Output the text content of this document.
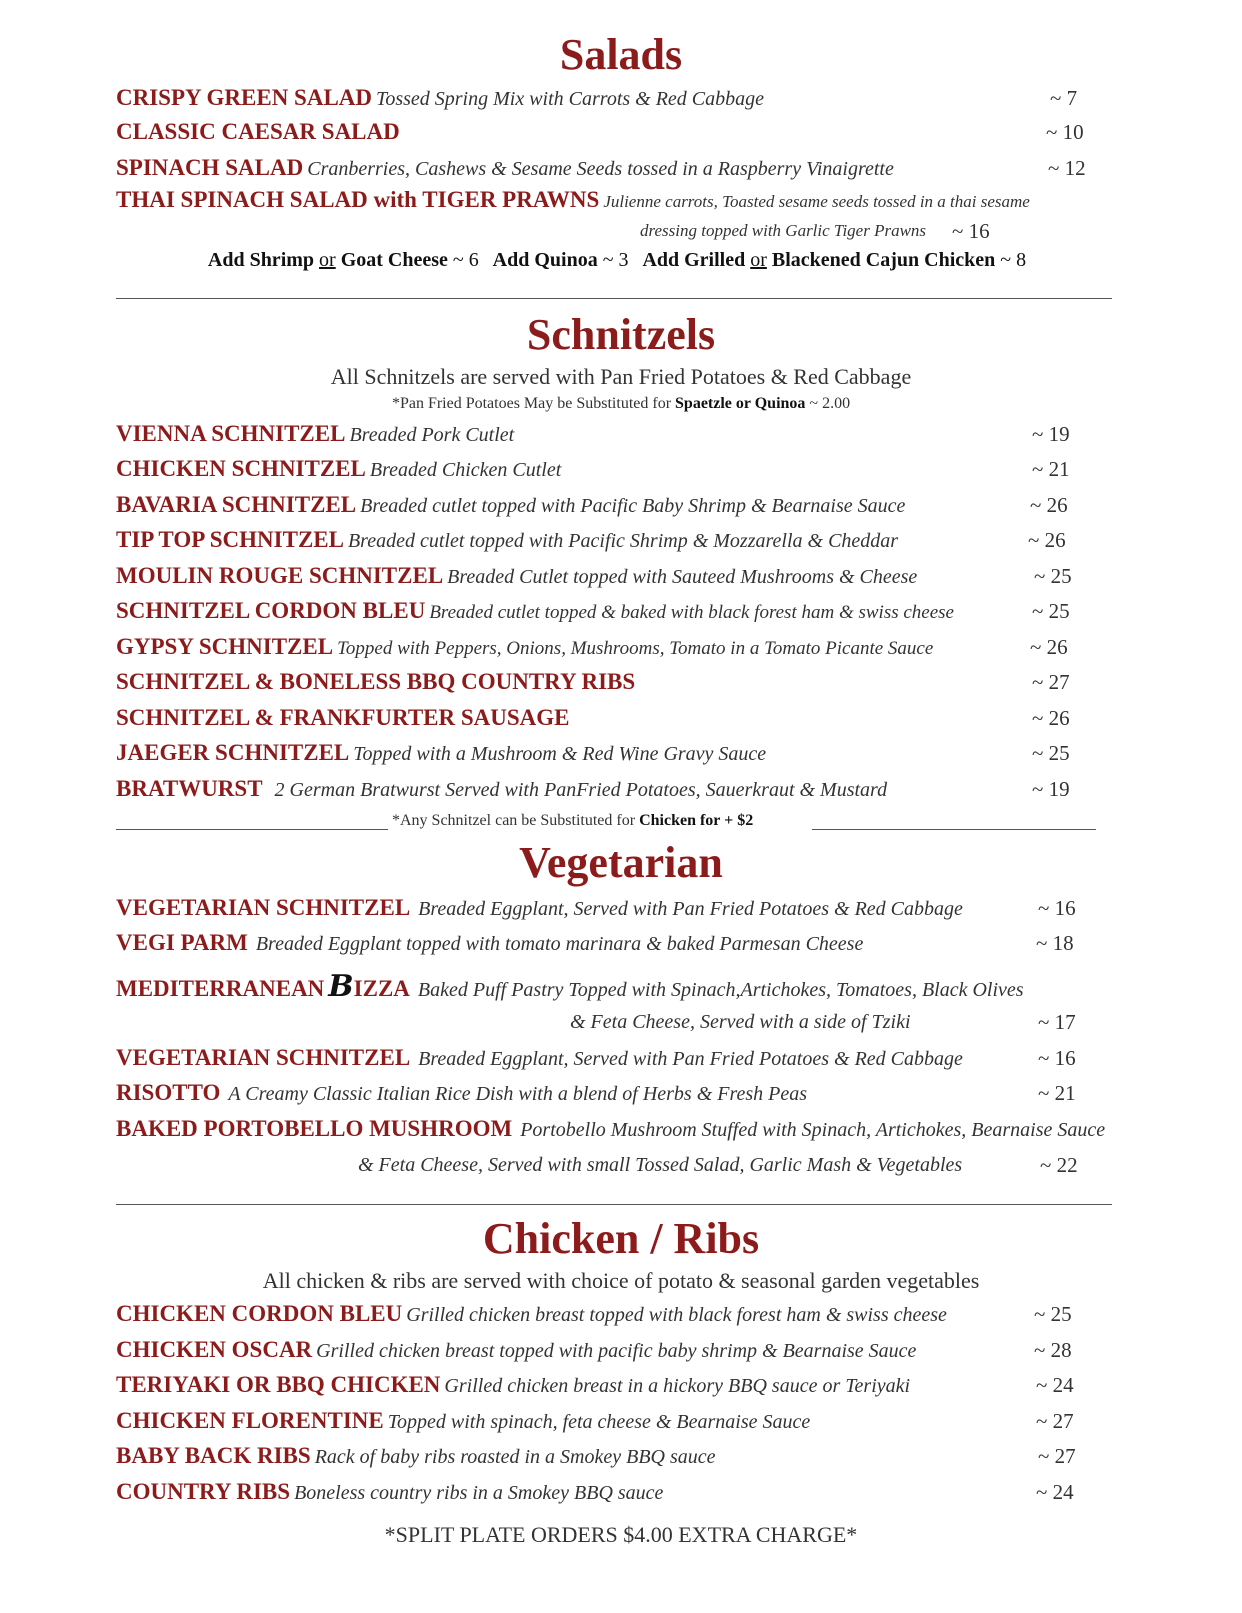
Salads
CRISPY GREEN SALAD Tossed Spring Mix with Carrots & Red Cabbage	~ 7
CLASSIC CAESAR SALAD	~ 10
SPINACH SALAD Cranberries, Cashews & Sesame Seeds tossed in a Raspberry Vinaigrette	~ 12
THAI SPINACH SALAD with TIGER PRAWNS Julienne carrots, Toasted sesame seeds tossed in a thai sesame
dressing topped with Garlic Tiger Prawns ~ 16
Add Shrimp or Goat Cheese ~ 6 Add Quinoa ~ 3 Add Grilled or Blackened Cajun Chicken ~ 8
Schnitzels
All Schnitzels are served with Pan Fried Potatoes & Red Cabbage
*Pan Fried Potatoes May be Substituted for Spaetzle or Quinoa ~ 2.00
VIENNA SCHNITZEL Breaded Pork Cutlet	~ 19
CHICKEN SCHNITZEL Breaded Chicken Cutlet	~ 21
BAVARIA SCHNITZEL Breaded cutlet topped with Pacific Baby Shrimp & Bearnaise Sauce	~ 26
TIP TOP SCHNITZEL Breaded cutlet topped with Pacific Shrimp & Mozzarella & Cheddar	~ 26
MOULIN ROUGE SCHNITZEL Breaded Cutlet topped with Sauteed Mushrooms & Cheese	~ 25
SCHNITZEL CORDON BLEU Breaded cutlet topped & baked with black forest ham & swiss cheese	~ 25
GYPSY SCHNITZEL Topped with Peppers, Onions, Mushrooms, Tomato in a Tomato Picante Sauce	~ 26
SCHNITZEL & BONELESS BBQ COUNTRY RIBS	~ 27
SCHNITZEL & FRANKFURTER SAUSAGE	~ 26
JAEGER SCHNITZEL Topped with a Mushroom & Red Wine Gravy Sauce	~ 25
BRATWURST 2 German Bratwurst Served with PanFried Potatoes, Sauerkraut & Mustard	~ 19
*Any Schnitzel can be Substituted for Chicken for + $2
Vegetarian
VEGETARIAN SCHNITZEL Breaded Eggplant, Served with Pan Fried Potatoes & Red Cabbage	~ 16
VEGI PARM Breaded Eggplant topped with tomato marinara & baked Parmesan Cheese	~ 18
MEDITERRANEAN BIZZA Baked Puff Pastry Topped with Spinach,Artichokes, Tomatoes, Black Olives
& Feta Cheese, Served with a side of Tziki	~ 17
VEGETARIAN SCHNITZEL Breaded Eggplant, Served with Pan Fried Potatoes & Red Cabbage	~ 16
RISOTTO A Creamy Classic Italian Rice Dish with a blend of Herbs & Fresh Peas	~ 21
BAKED PORTOBELLO MUSHROOM Portobello Mushroom Stuffed with Spinach, Artichokes, Bearnaise Sauce
& Feta Cheese, Served with small Tossed Salad, Garlic Mash & Vegetables	~ 22
Chicken / Ribs
All chicken & ribs are served with choice of potato & seasonal garden vegetables
CHICKEN CORDON BLEU Grilled chicken breast topped with black forest ham & swiss cheese	~ 25
CHICKEN OSCAR Grilled chicken breast topped with pacific baby shrimp & Bearnaise Sauce	~ 28
TERIYAKI OR BBQ CHICKEN Grilled chicken breast in a hickory BBQ sauce or Teriyaki	~ 24
CHICKEN FLORENTINE Topped with spinach, feta cheese & Bearnaise Sauce	~ 27
BABY BACK RIBS Rack of baby ribs roasted in a Smokey BBQ sauce	~ 27
COUNTRY RIBS Boneless country ribs in a Smokey BBQ sauce	~ 24
*SPLIT PLATE ORDERS $4.00 EXTRA CHARGE*
